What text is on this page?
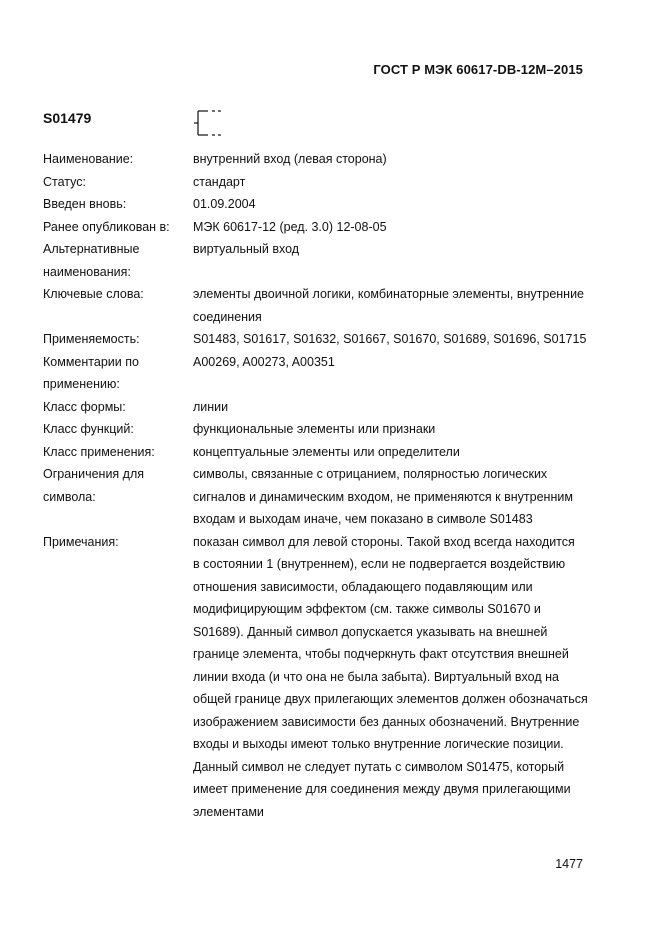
ГОСТ Р МЭК 60617-DB-12M–2015
S01479
Наименование:	внутренний вход (левая сторона)
Статус:	стандарт
Введен вновь:	01.09.2004
Ранее опубликован в:	МЭК 60617-12 (ред. 3.0) 12-08-05
Альтернативные
наименования:
виртуальный вход
Ключевые слова:	элементы двоичной логики, комбинаторные элементы, внутренние
соединения
Применяемость:	S01483, S01617, S01632, S01667, S01670, S01689, S01696, S01715
Комментарии по
применению:
A00269, A00273, A00351
Класс формы:	линии
Класс функций:	функциональные элементы или признаки
Класс применения:	концептуальные элементы или определители
Ограничения для
символа:
символы, связанные с отрицанием, полярностью логических
сигналов и динамическим входом, не применяются к внутренним
входам и выходам иначе, чем показано в символе S01483
Примечания:	показан символ для левой стороны. Такой вход всегда находится
в состоянии 1 (внутреннем), если не подвергается воздействию
отношения зависимости, обладающего подавляющим или
модифицирующим эффектом (см. также символы S01670 и
S01689). Данный символ допускается указывать на внешней
границе элемента, чтобы подчеркнуть факт отсутствия внешней
линии входа (и что она не была забыта). Виртуальный вход на
общей границе двух прилегающих элементов должен обозначаться
изображением зависимости без данных обозначений. Внутренние
входы и выходы имеют только внутренние логические позиции.
Данный символ не следует путать с символом S01475, который
имеет применение для соединения между двумя прилегающими
элементами
1477
